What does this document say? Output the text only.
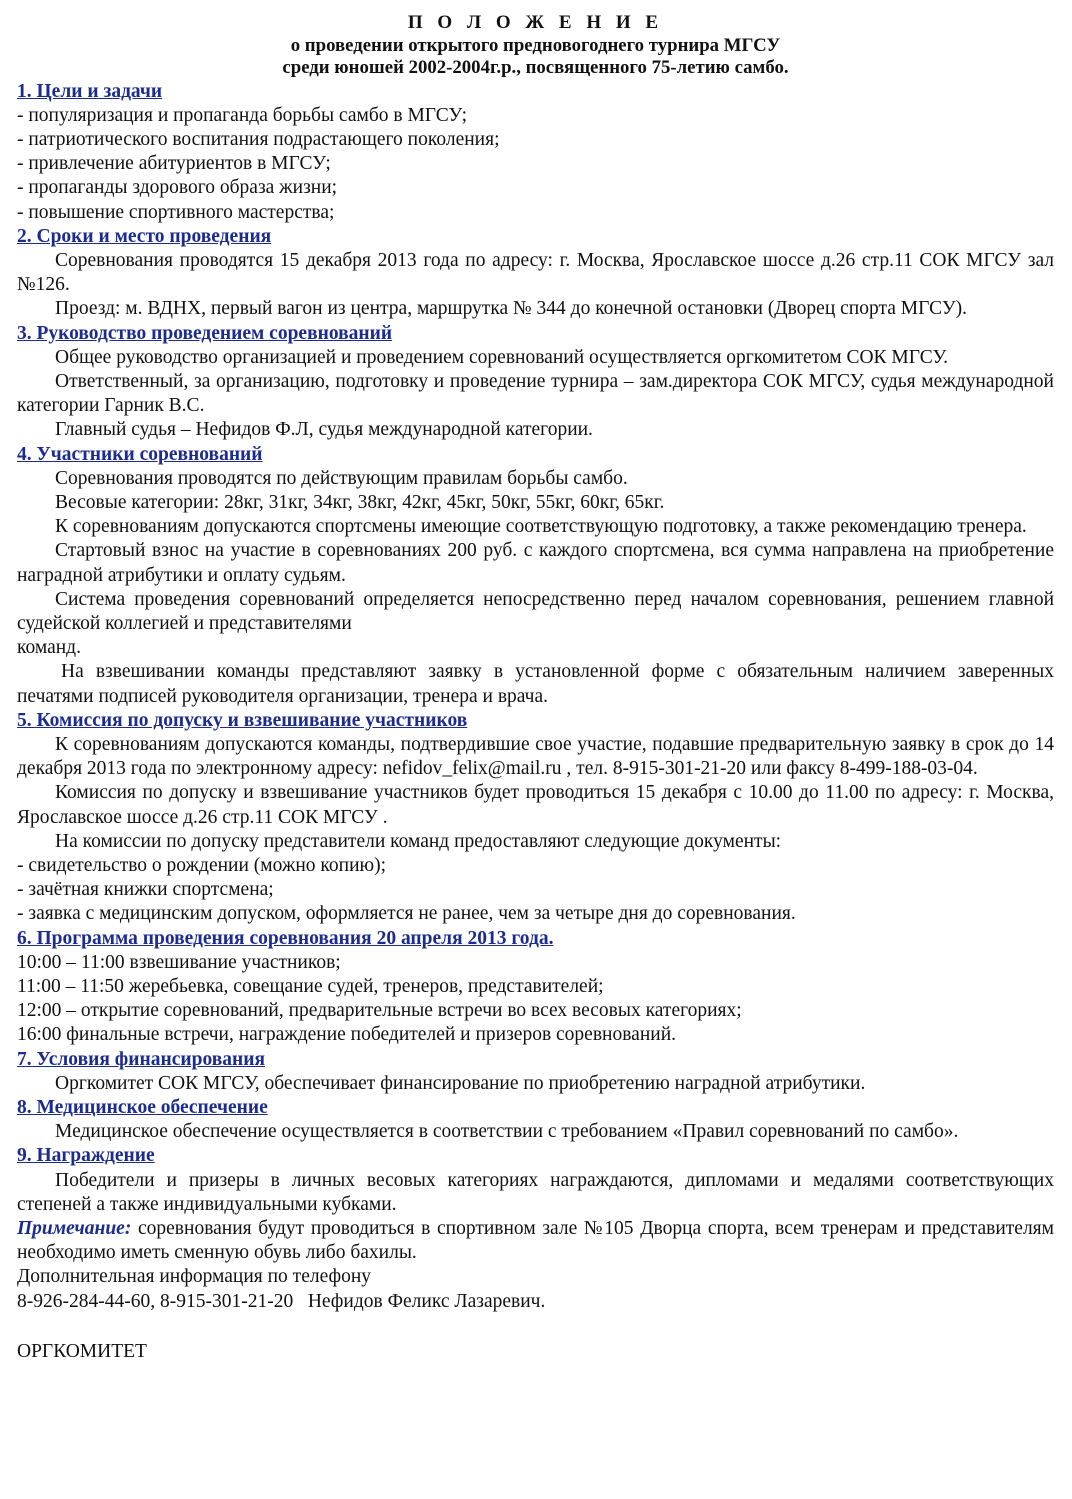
П О Л О Ж Е Н И Е
о проведении открытого предновогоднего турнира МГСУ
среди юношей 2002-2004г.р., посвященного 75-летию самбо.
1. Цели и задачи

- популяризация и пропаганда борьбы самбо в МГСУ;

- патриотического воспитания подрастающего поколения;

- привлечение абитуриентов в МГСУ;

- пропаганды здорового образа жизни;

- повышение спортивного мастерства;

2. Сроки и место проведения

Соревнования проводятся 15 декабря 2013 года по адресу: г. Москва, Ярославское шоссе д.26 стр.11 СОК МГСУ зал №126.

Проезд: м. ВДНХ, первый вагон из центра, маршрутка № 344 до конечной остановки (Дворец спорта МГСУ).

3. Руководство проведением соревнований

Общее руководство организацией и проведением соревнований осуществляется оргкомитетом СОК МГСУ.

Ответственный, за организацию, подготовку и проведение турнира – зам.директора СОК МГСУ, судья международной категории Гарник В.С.

Главный судья – Нефидов Ф.Л, судья международной категории.

4. Участники соревнований

Соревнования проводятся по действующим правилам борьбы самбо.

Весовые категории: 28кг, 31кг, 34кг, 38кг, 42кг, 45кг, 50кг, 55кг, 60кг, 65кг.

К соревнованиям допускаются спортсмены имеющие соответствующую подготовку, а также рекомендацию тренера.

Стартовый взнос на участие в соревнованиях 200 руб. с каждого спортсмена, вся сумма направлена на приобретение наградной атрибутики и оплату судьям.

Система проведения соревнований определяется непосредственно перед началом соревнования, решением главной судейской коллегией и представителями

команд.

На взвешивании команды представляют заявку в установленной форме с обязательным наличием заверенных печатями подписей руководителя организации, тренера и врача.

5. Комиссия по допуску и взвешивание участников

К соревнованиям допускаются команды, подтвердившие свое участие, подавшие предварительную заявку в срок до 14 декабря 2013 года по электронному адресу: nefidov_felix@mail.ru , тел. 8-915-301-21-20 или факсу 8-499-188-03-04.

Комиссия по допуску и взвешивание участников будет проводиться 15 декабря с 10.00 до 11.00 по адресу: г. Москва, Ярославское шоссе д.26 стр.11 СОК МГСУ .

На комиссии по допуску представители команд предоставляют следующие документы:

- свидетельство о рождении (можно копию);

- зачётная книжки спортсмена;

- заявка с медицинским допуском, оформляется не ранее, чем за четыре дня до соревнования.

6. Программа проведения соревнования 20 апреля 2013 года.

10:00 – 11:00 взвешивание участников;

11:00 – 11:50 жеребьевка, совещание судей, тренеров, представителей;

12:00 – открытие соревнований, предварительные встречи во всех весовых категориях;

16:00 финальные встречи, награждение победителей и призеров соревнований.

7. Условия финансирования

Оргкомитет СОК МГСУ, обеспечивает финансирование по приобретению наградной атрибутики.

8. Медицинское обеспечение

Медицинское обеспечение осуществляется в соответствии с требованием «Правил соревнований по самбо».

9. Награждение

Победители и призеры в личных весовых категориях награждаются, дипломами и медалями соответствующих степеней а также индивидуальными кубками.

Примечание: соревнования будут проводиться в спортивном зале №105 Дворца спорта, всем тренерам и представителям необходимо иметь сменную обувь либо бахилы.

Дополнительная информация по телефону

8-926-284-44-60, 8-915-301-21-20   Нефидов Феликс Лазаревич.

ОРГКОМИТЕТ
